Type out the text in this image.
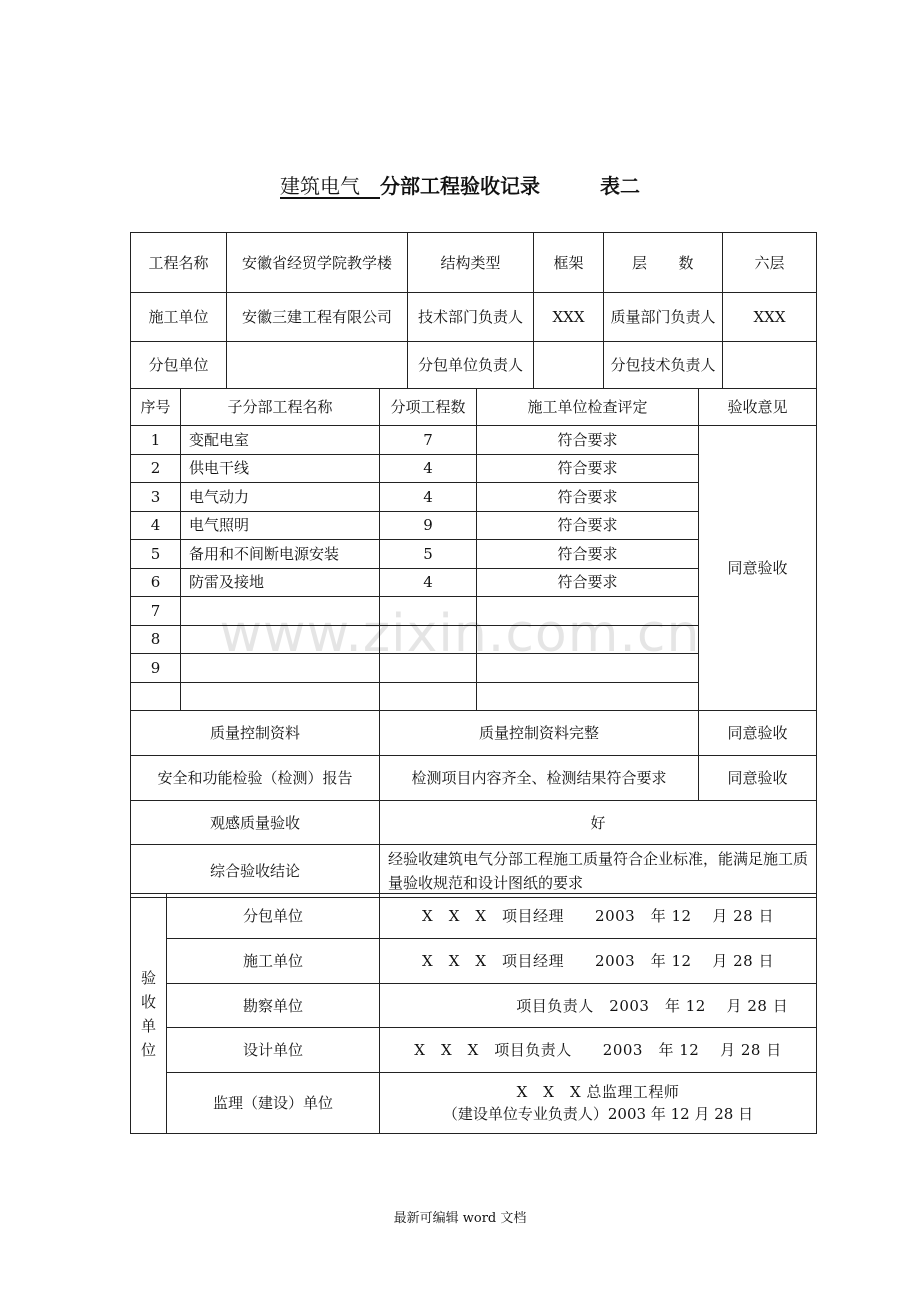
建筑电气　 分部工程验收记录　　　	表二
工程名称	安徽省经贸学院教学楼	结构类型	框架	层　　数	六层
施工单位	安徽三建工程有限公司	技术部门负责人	XXX	质量部门负责人	XXX
分包单位		分包单位负责人		分包技术负责人	
序号	子分部工程名称	分项工程数	施工单位检查评定	验收意见
1	变配电室	7	符合要求	同意验收
2	供电干线	4	符合要求	
3	电气动力	4	符合要求	
4	电气照明	9	符合要求	
5	备用和不间断电源安装	5	符合要求	
6	防雷及接地	4	符合要求	
7				
8				
9				

质量控制资料	质量控制资料完整	同意验收
安全和功能检验（检测）报告	检测项目内容齐全、检测结果符合要求	同意验收
观感质量验收	好	
综合验收结论	经验收建筑电气分部工程施工质量符合企业标准，能满足施工质量验收规范和设计图纸的要求	
验
收
单
位	分包单位	X　X　X　项目经理　　2003　年 12　 月 28 日
	施工单位	X　X　X　项目经理　　2003　年 12　 月 28 日
	勘察单位	　　　　　　　项目负责人　2003　年 12　 月 28 日
	设计单位	X　X　X　项目负责人　　2003　年 12　 月 28 日
	监理（建设）单位	X　X　X 总监理工程师
（建设单位专业负责人）2003 年 12 月 28 日
www.zixin.com.cn
最新可编辑 word 文档
